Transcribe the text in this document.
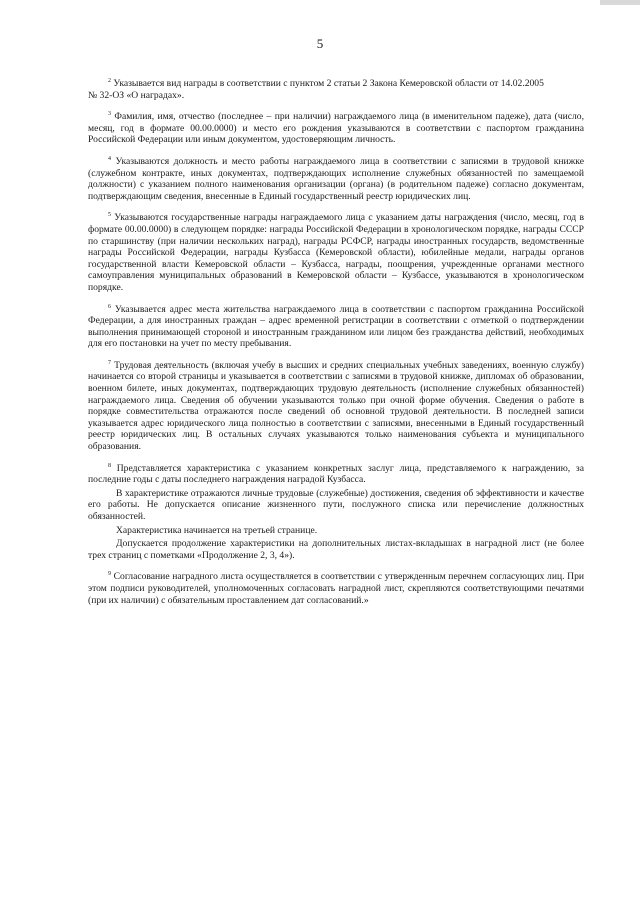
5

$^2$ Указывается вид награды в соответствии с пунктом 2 статьи 2 Закона Кемеровской области от 14.02.2005

№ 32-ОЗ «О наградах».

$^3$ Фамилия, имя, отчество (последнее – при наличии) награждаемого лица (в именительном падеже), дата (число, месяц, год в формате 00.00.0000) и место его рождения указываются в соответствии с паспортом гражданина Российской Федерации или иным документом, удостоверяющим личность.

$^4$ Указываются должность и место работы награждаемого лица в соответствии с записями в трудовой книжке (служебном контракте, иных документах, подтверждающих исполнение служебных обязанностей по замещаемой должности) с указанием полного наименования организации (органа) (в родительном падеже) согласно документам, подтверждающим сведения, внесенные в Единый государственный реестр юридических лиц.

$^5$ Указываются государственные награды награждаемого лица с указанием даты награждения (число, месяц, год в формате 00.00.0000) в следующем порядке: награды Российской Федерации в хронологическом порядке, награды СССР по старшинству (при наличии нескольких наград), награды РСФСР, награды иностранных государств, ведомственные награды Российской Федерации, награды Кузбасса (Кемеровской области), юбилейные медали, награды органов государственной власти Кемеровской области – Кузбасса, награды, поощрения, учрежденные органами местного самоуправления муниципальных образований в Кемеровской области – Кузбассе, указываются в хронологическом порядке.

$^6$ Указывается адрес места жительства награждаемого лица в соответствии с паспортом гражданина Российской Федерации, а для иностранных граждан – адрес временной регистрации в соответствии с отметкой о подтверждении выполнения принимающей стороной и иностранным гражданином или лицом без гражданства действий, необходимых для его постановки на учет по месту пребывания.

$^7$ Трудовая деятельность (включая учебу в высших и средних специальных учебных заведениях, военную службу) начинается со второй страницы и указывается в соответствии с записями в трудовой книжке, дипломах об образовании, военном билете, иных документах, подтверждающих трудовую деятельность (исполнение служебных обязанностей) награждаемого лица. Сведения об обучении указываются только при очной форме обучения. Сведения о работе в порядке совместительства отражаются после сведений об основной трудовой деятельности. В последней записи указывается адрес юридического лица полностью в соответствии с записями, внесенными в Единый государственный реестр юридических лиц. В остальных случаях указываются только наименования субъекта и муниципального образования.

$^8$ Представляется характеристика с указанием конкретных заслуг лица, представляемого к награждению, за последние годы с даты последнего награждения наградой Кузбасса.

В характеристике отражаются личные трудовые (служебные) достижения, сведения об эффективности и качестве его работы. Не допускается описание жизненного пути, послужного списка или перечисление должностных обязанностей.

Характеристика начинается на третьей странице.

Допускается продолжение характеристики на дополнительных листах-вкладышах в наградной лист (не более трех страниц с пометками «Продолжение 2, 3, 4»).

$^9$ Согласование наградного листа осуществляется в соответствии с утвержденным перечнем согласующих лиц. При этом подписи руководителей, уполномоченных согласовать наградной лист, скрепляются соответствующими печатями (при их наличии) с обязательным проставлением дат согласований.»
